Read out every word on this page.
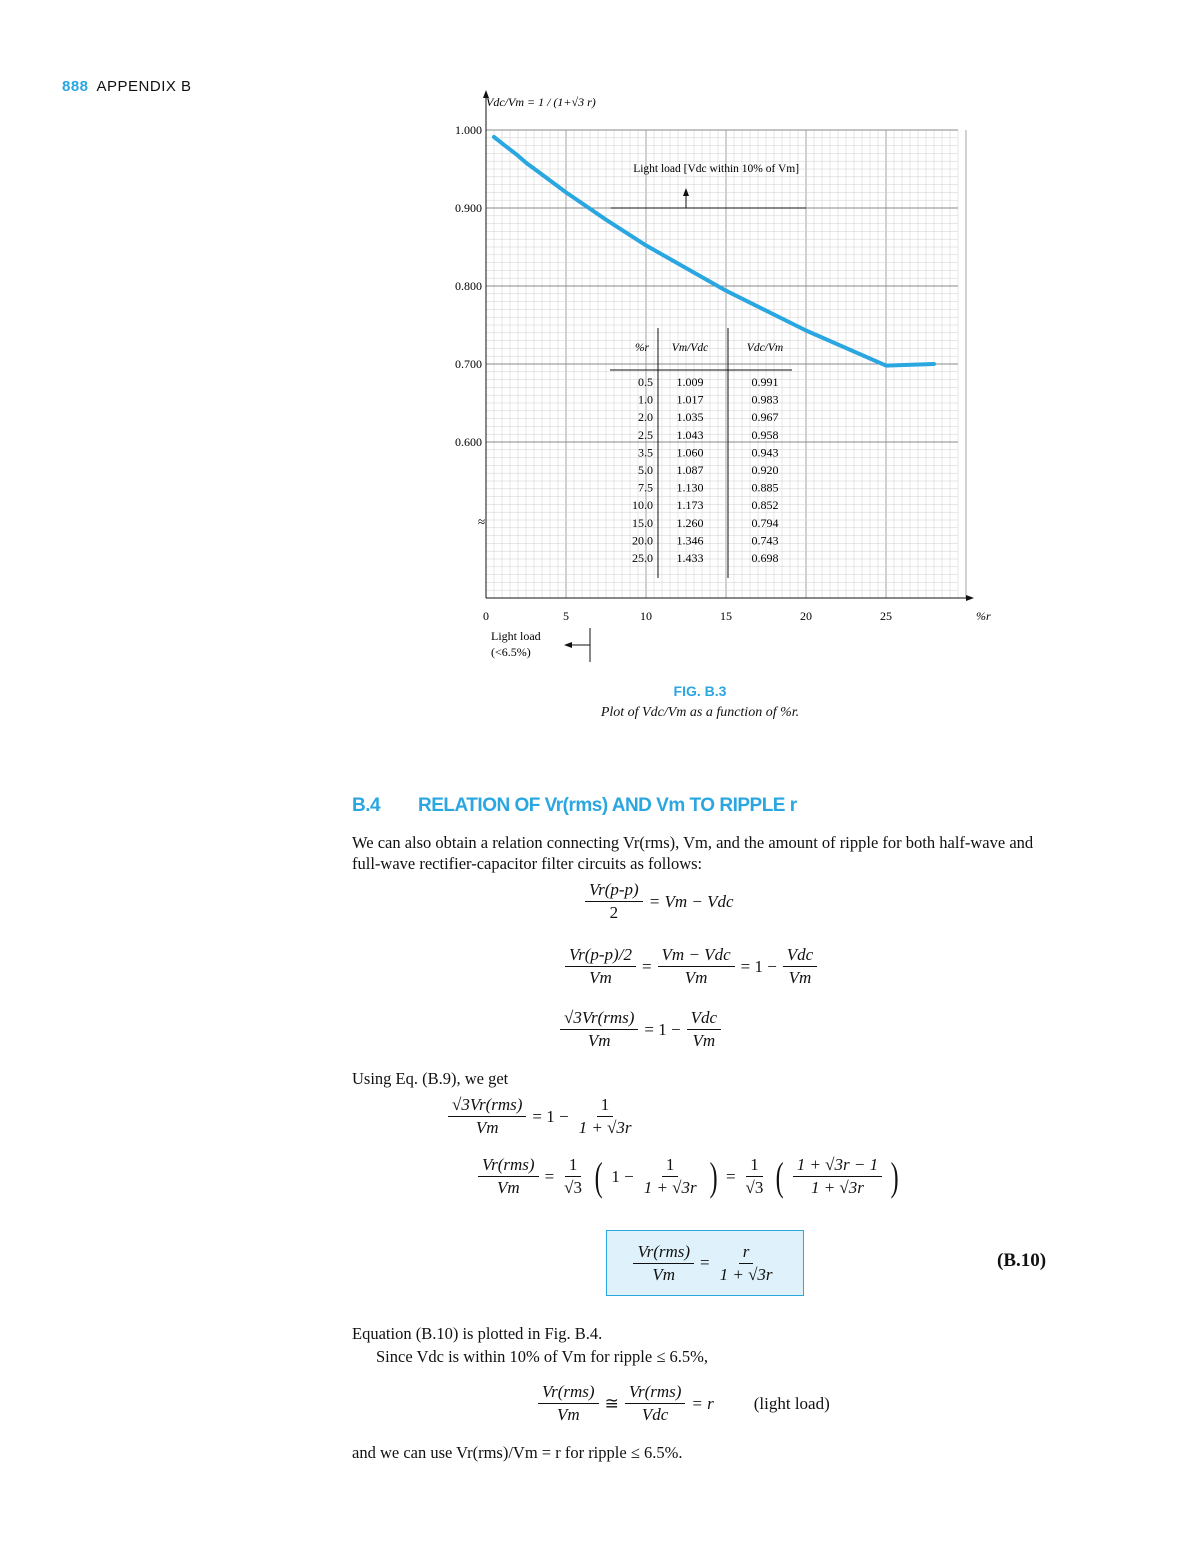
888 APPENDIX B
≈
Vdc/Vm = 1 / (1+√3 r)
%r
0	5	10	15	20	25
1.000
0.900
0.800
0.700
0.600
Light load [Vdc within 10% of Vm]
Light load
(<6.5%)
%r Vm/Vdc	Vdc/Vm
0.5 1.009	0.991
1.0 1.017	0.983
2.0 1.035	0.967
2.5 1.043	0.958
3.5 1.060	0.943
5.0 1.087	0.920
7.5 1.130	0.885
10.0 1.173	0.852
15.0 1.260	0.794
20.0 1.346	0.743
25.0 1.433	0.698
FIG. B.3
Plot of Vdc/Vm as a function of %r.
B.4 RELATION OF Vr(rms) AND Vm TO RIPPLE r
We can also obtain a relation connecting Vr(rms), Vm, and the amount of ripple for both half-wave and full-wave rectifier-capacitor filter circuits as follows:
$\frac{Vr(p-p)}{2} = Vm$ − Vdc
$\frac{Vr(p-p)/2}{Vm} = \frac{\text{Vm − Vdc}}{Vm} = 1 - \frac{\text{Vdc}}{Vm}$
$\frac{\text{√3Vr(rms)}}{Vm} = 1 - \frac{\text{Vdc}}{Vm}$
Using Eq. (B.9), we get
$\frac{\text{√3Vr(rms)}}{Vm} = 1 - \frac{1}{1 + √3r}$
$\frac{\text{Vr(rms)}}{Vm} = \frac{1}{√3}$ ( $1 - \frac{1}{1 + √3r}$ ) = $\frac{1}{√3}$ ( $\frac{1 + √3r - 1}{1 + √3r}$ )
$\frac{\text{Vr(rms)}}{Vm} = \frac{r}{1 + √3r}$	(B.10)
Equation (B.10) is plotted in Fig. B.4.
Since Vdc is within 10% of Vm for ripple ≤ 6.5%,
$\frac{\text{Vr(rms)}}{Vm}$ ≅ $\frac{\text{Vr(rms)}}{\text{Vdc}} = r$ (light load)
and we can use Vr(rms)/Vm = r for ripple ≤ 6.5%.
